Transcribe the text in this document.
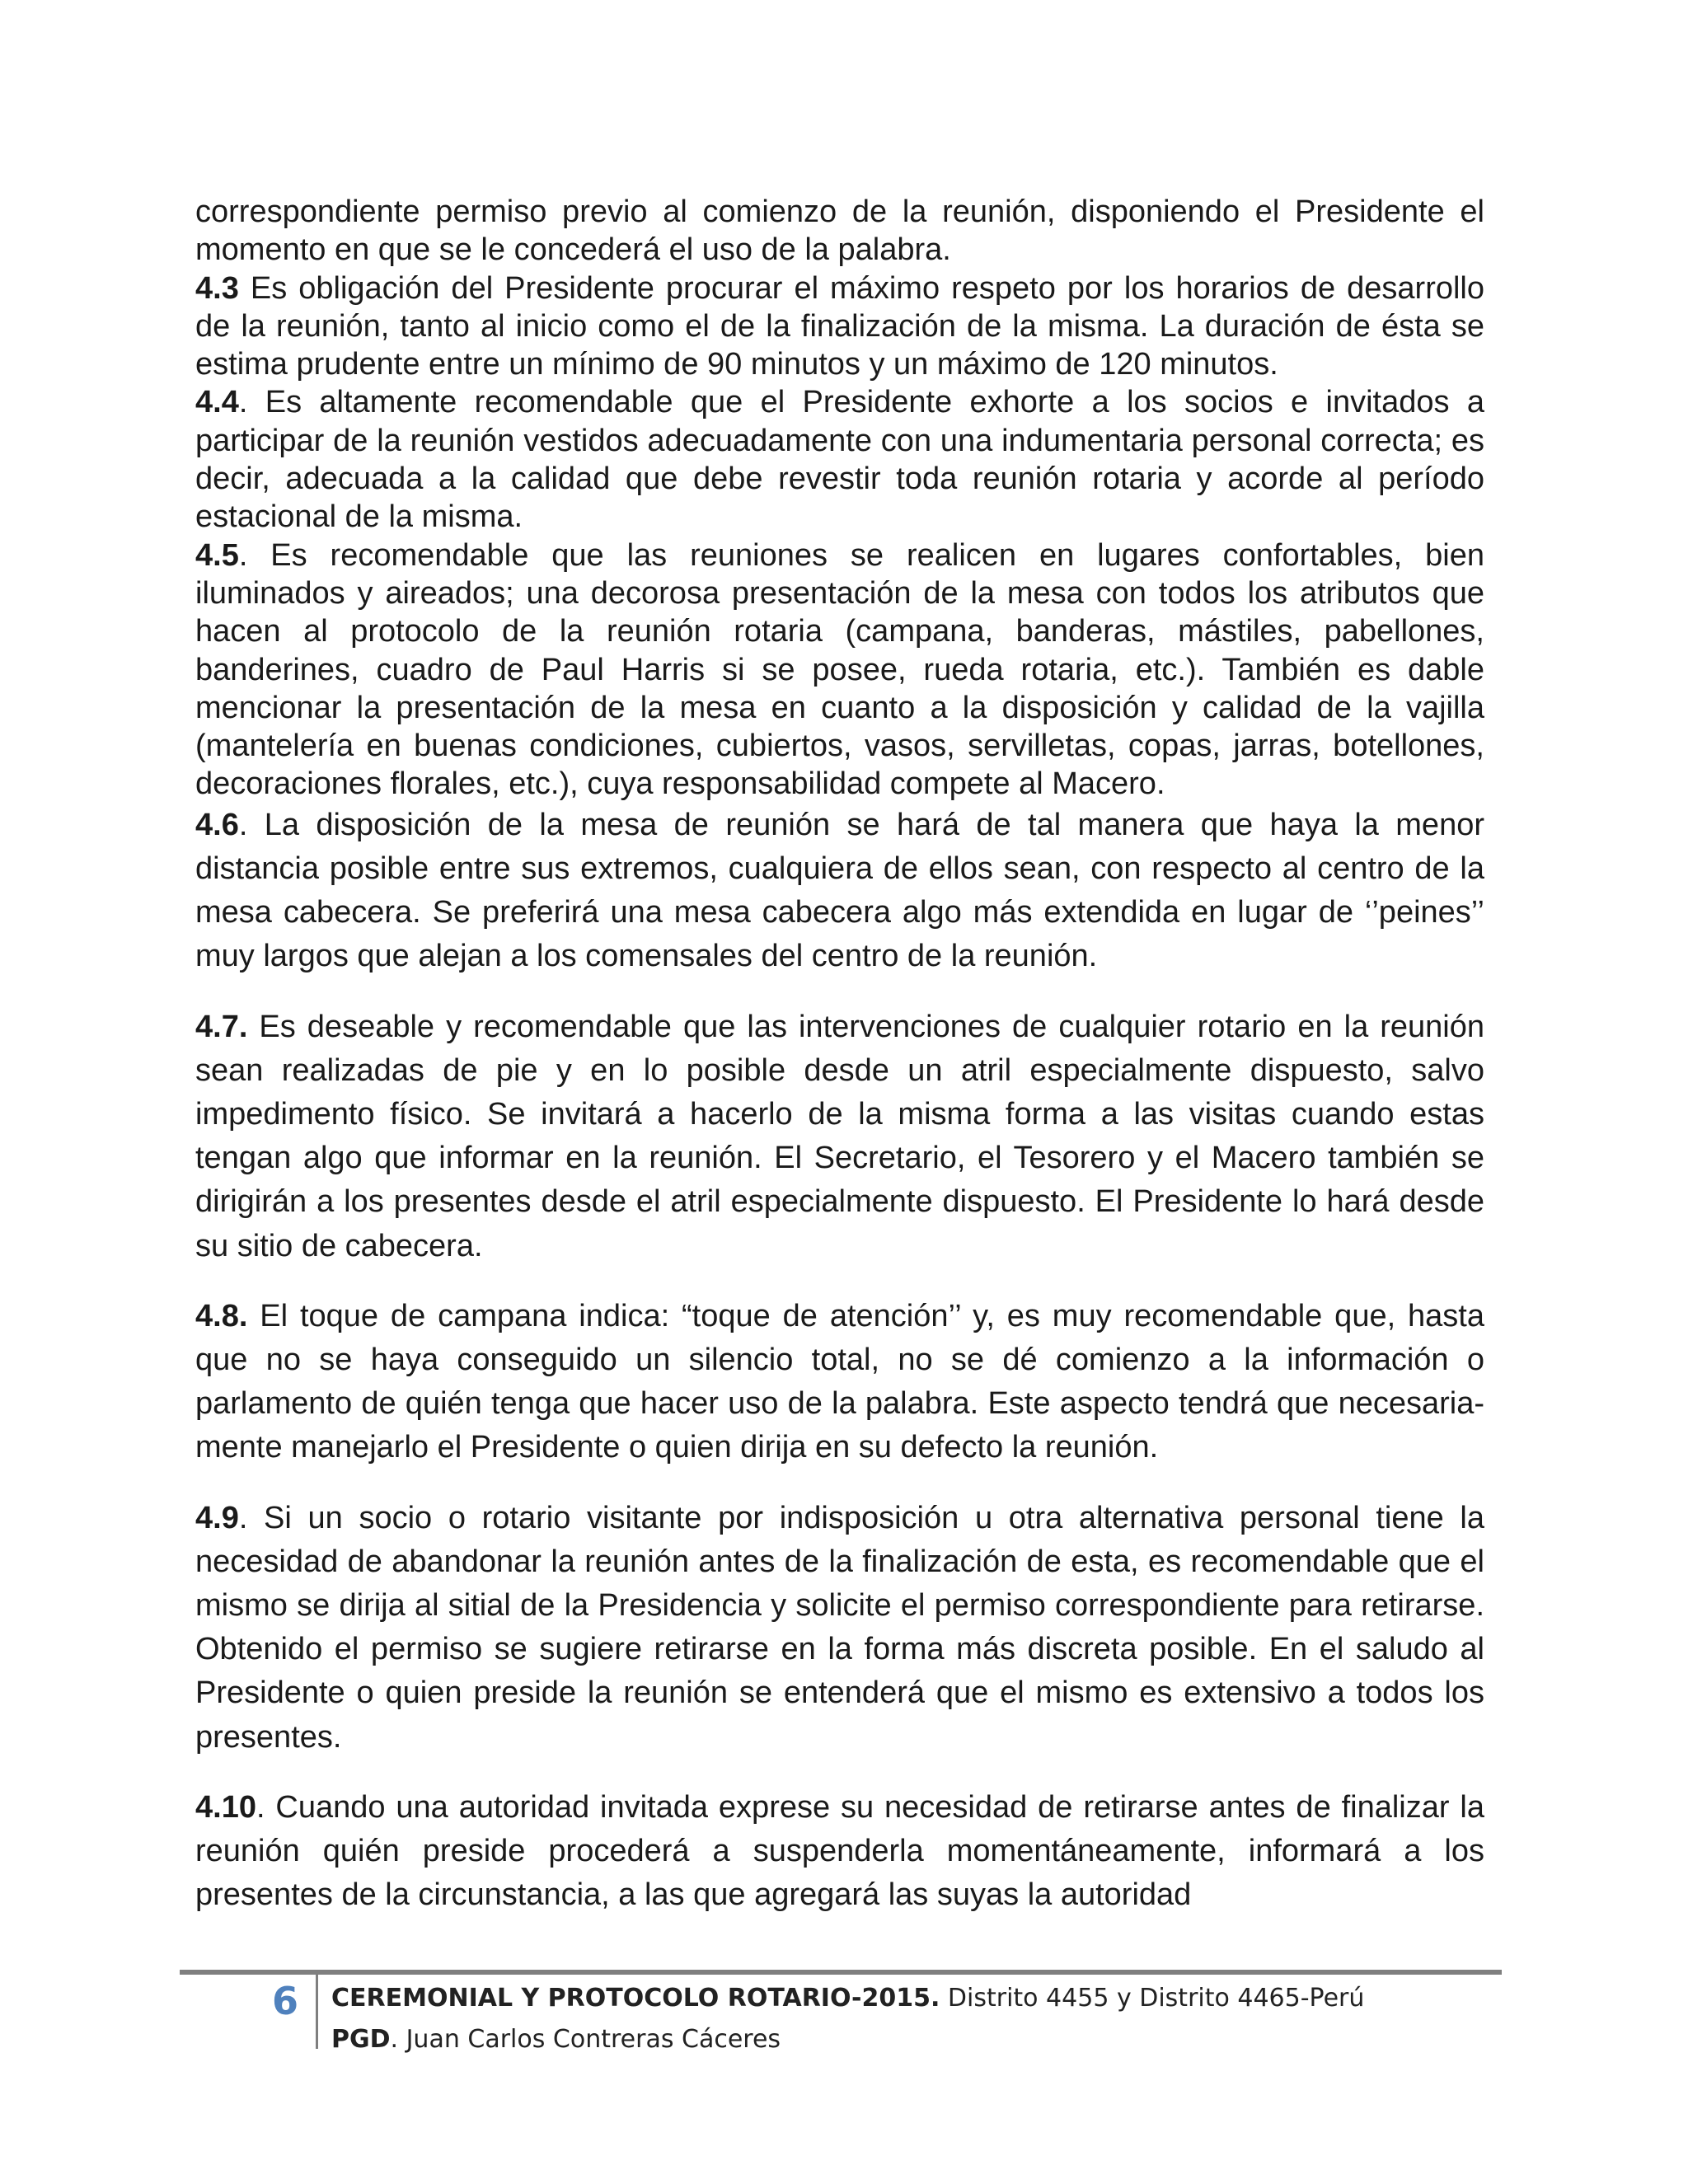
correspondiente permiso previo al comienzo de la reunión, disponiendo el Presidente el momento en que se le concederá el uso de la palabra.

4.3 Es obligación del Presidente procurar el máximo respeto por los horarios de desarrollo de la reunión, tanto al inicio como el de la finalización de la misma. La duración de ésta se estima prudente entre un mínimo de 90 minutos y un máximo de 120 minutos.

4.4. Es altamente recomendable que el Presidente exhorte a los socios e invitados a participar de la reunión vestidos adecuadamente con una indumentaria personal correcta; es decir, adecuada a la calidad que debe revestir toda reunión rotaria y acorde al período estacional de la misma.

4.5. Es recomendable que las reuniones se realicen en lugares confortables, bien iluminados y aireados; una decorosa presentación de la mesa con todos los atributos que hacen al protocolo de la reunión rotaria (campana, banderas, mástiles, pabellones, banderines, cuadro de Paul Harris si se posee, rueda rotaria, etc.). También es dable mencionar la presentación de la mesa en cuanto a la disposición y calidad de la vajilla (mantelería en buenas condiciones, cubiertos, vasos, servilletas, copas, jarras, botellones, decoraciones florales, etc.), cuya responsabilidad compete al Macero.

4.6. La disposición de la mesa de reunión se hará de tal manera que haya la menor distancia posible entre sus extremos, cualquiera de ellos sean, con respecto al centro de la mesa cabecera. Se preferirá una mesa cabecera algo más extendida en lugar de ‘’peines’’ muy largos que alejan a los comensales del centro de la reunión.

4.7. Es deseable y recomendable que las intervenciones de cualquier rotario en la reunión sean realizadas de pie y en lo posible desde un atril especialmente dispuesto, salvo impedimento físico. Se invitará a hacerlo de la misma forma a las visitas cuando estas tengan algo que informar en la reunión. El Secretario, el Tesorero y el Macero también se dirigirán a los presentes desde el atril especialmente dispuesto. El Presidente lo hará desde su sitio de cabecera.

4.8. El toque de campana indica: “toque de atención’’ y, es muy recomendable que, hasta que no se haya conseguido un silencio total, no se dé comienzo a la información o parlamento de quién tenga que hacer uso de la palabra. Este aspecto tendrá que necesaria-mente manejarlo el Presidente o quien dirija en su defecto la reunión.

4.9. Si un socio o rotario visitante por indisposición u otra alternativa personal tiene la necesidad de abandonar la reunión antes de la finalización de esta, es recomendable que el mismo se dirija al sitial de la Presidencia y solicite el permiso correspondiente para retirarse. Obtenido el permiso se sugiere retirarse en la forma más discreta posible. En el saludo al Presidente o quien preside la reunión se entenderá que el mismo es extensivo a todos los presentes.

4.10. Cuando una autoridad invitada exprese su necesidad de retirarse antes de finalizar la reunión quién preside procederá a suspenderla momentáneamente, informará a los presentes de la circunstancia, a las que agregará las suyas la autoridad

6 CEREMONIAL Y PROTOCOLO ROTARIO-2015. Distrito 4455 y Distrito 4465-Perú
PGD. Juan Carlos Contreras Cáceres
